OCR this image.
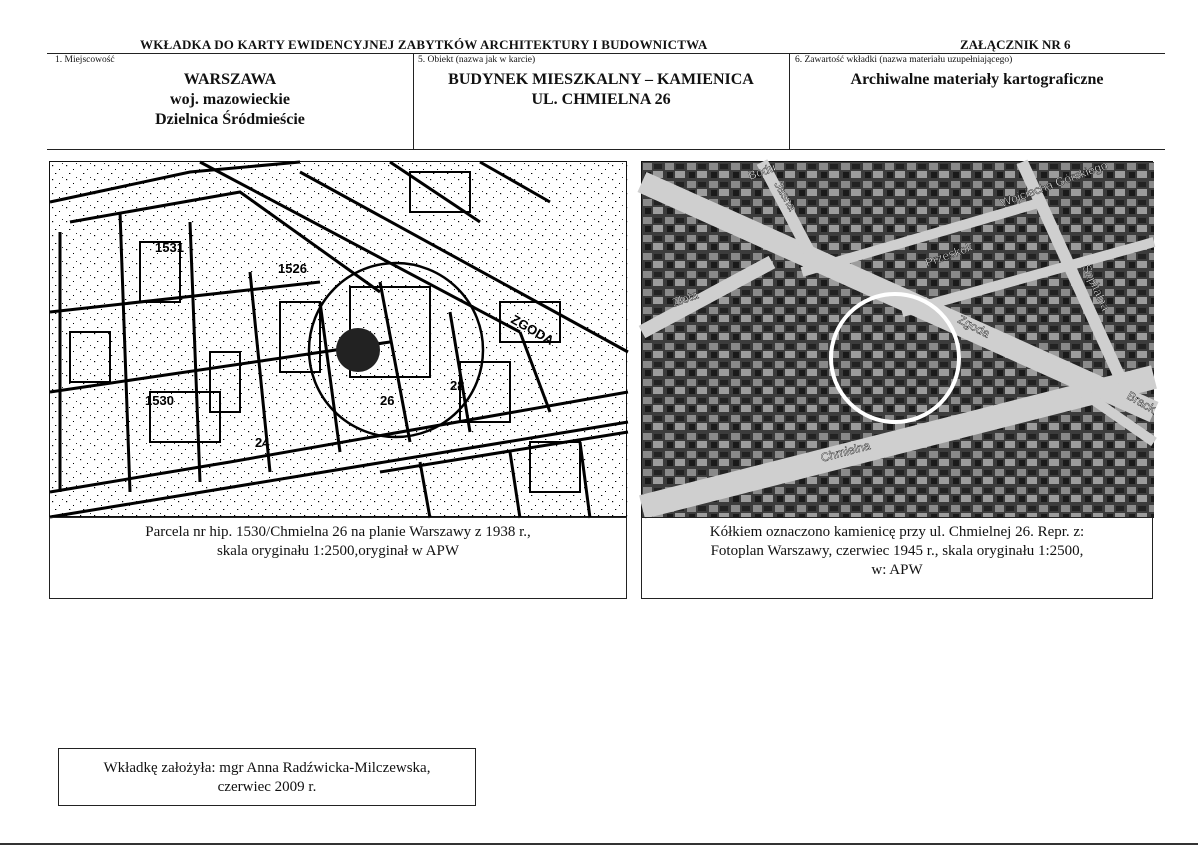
WKŁADKA DO KARTY EWIDENCYJNEJ ZABYTKÓW ARCHITEKTURY I BUDOWNICTWA	ZAŁĄCZNIK NR 6
1. Miejscowość
WARSZAWA
woj. mazowieckie
Dzielnica Śródmieście
5. Obiekt (nazwa jak w karcie)
BUDYNEK MIESZKALNY – KAMIENICA
UL. CHMIELNA 26
6. Zawartość wkładki (nazwa materiału uzupełniającego)
Archiwalne materiały kartograficzne
ZGODA
1530
1531
26
24
28
1526
Parcela nr hip. 1530/Chmielna 26 na planie Warszawy z 1938 r.,
skala oryginału 1:2500,oryginał w APW
Bodu
Jasna	Wojciecha Górskiego
Złota
Przeskok
Szpitalna
Zgoda
Brack
Chmielna
Kółkiem oznaczono kamienicę przy ul. Chmielnej 26. Repr. z:
Fotoplan Warszawy, czerwiec 1945 r., skala oryginału 1:2500,
w: APW
Wkładkę założyła: mgr Anna Radźwicka-Milczewska,
czerwiec 2009 r.
